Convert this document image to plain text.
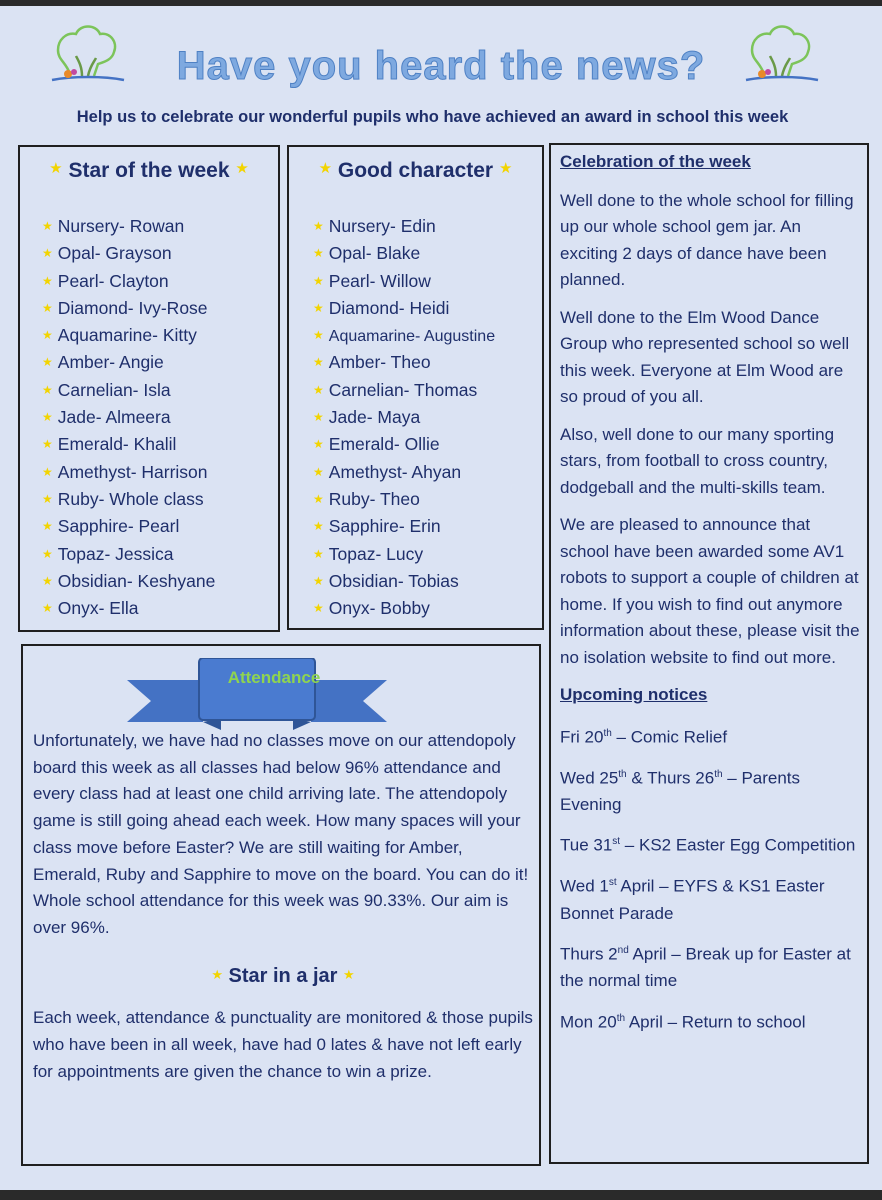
Have you heard the news?
Help us to celebrate our wonderful pupils who have achieved an award in school this week
★ Star of the week ★
★ Nursery- Rowan
★ Opal- Grayson
★ Pearl- Clayton
★ Diamond- Ivy-Rose
★ Aquamarine- Kitty
★ Amber- Angie
★ Carnelian- Isla
★ Jade- Almeera
★ Emerald- Khalil
★ Amethyst- Harrison
★ Ruby- Whole class
★ Sapphire- Pearl
★ Topaz- Jessica
★ Obsidian- Keshyane
★ Onyx- Ella
★ Good character ★
★ Nursery- Edin
★ Opal- Blake
★ Pearl- Willow
★ Diamond- Heidi
★ Aquamarine- Augustine
★ Amber- Theo
★ Carnelian- Thomas
★ Jade- Maya
★ Emerald- Ollie
★ Amethyst- Ahyan
★ Ruby- Theo
★ Sapphire- Erin
★ Topaz- Lucy
★ Obsidian- Tobias
★ Onyx- Bobby
Celebration of the week

Well done to the whole school for filling up our whole school gem jar. An exciting 2 days of dance have been planned.

Well done to the Elm Wood Dance Group who represented school so well this week. Everyone at Elm Wood are so proud of you all.

Also, well done to our many sporting stars, from football to cross country, dodgeball and the multi-skills team.

We are pleased to announce that school have been awarded some AV1 robots to support a couple of children at home. If you wish to find out anymore information about these, please visit the no isolation website to find out more.

Upcoming notices

Fri 20th – Comic Relief

Wed 25th & Thurs 26th – Parents Evening

Tue 31st – KS2 Easter Egg Competition

Wed 1st April – EYFS & KS1 Easter Bonnet Parade

Thurs 2nd April – Break up for Easter at the normal time

Mon 20th April – Return to school

Attendance

Unfortunately, we have had no classes move on our attendopoly board this week as all classes had below 96% attendance and every class had at least one child arriving late. The attendopoly game is still going ahead each week. How many spaces will your class move before Easter? We are still waiting for Amber, Emerald, Ruby and Sapphire to move on the board. You can do it! Whole school attendance for this week was 90.33%. Our aim is over 96%.

★ Star in a jar ★

Each week, attendance & punctuality are monitored & those pupils who have been in all week, have had 0 lates & have not left early for appointments are given the chance to win a prize.
